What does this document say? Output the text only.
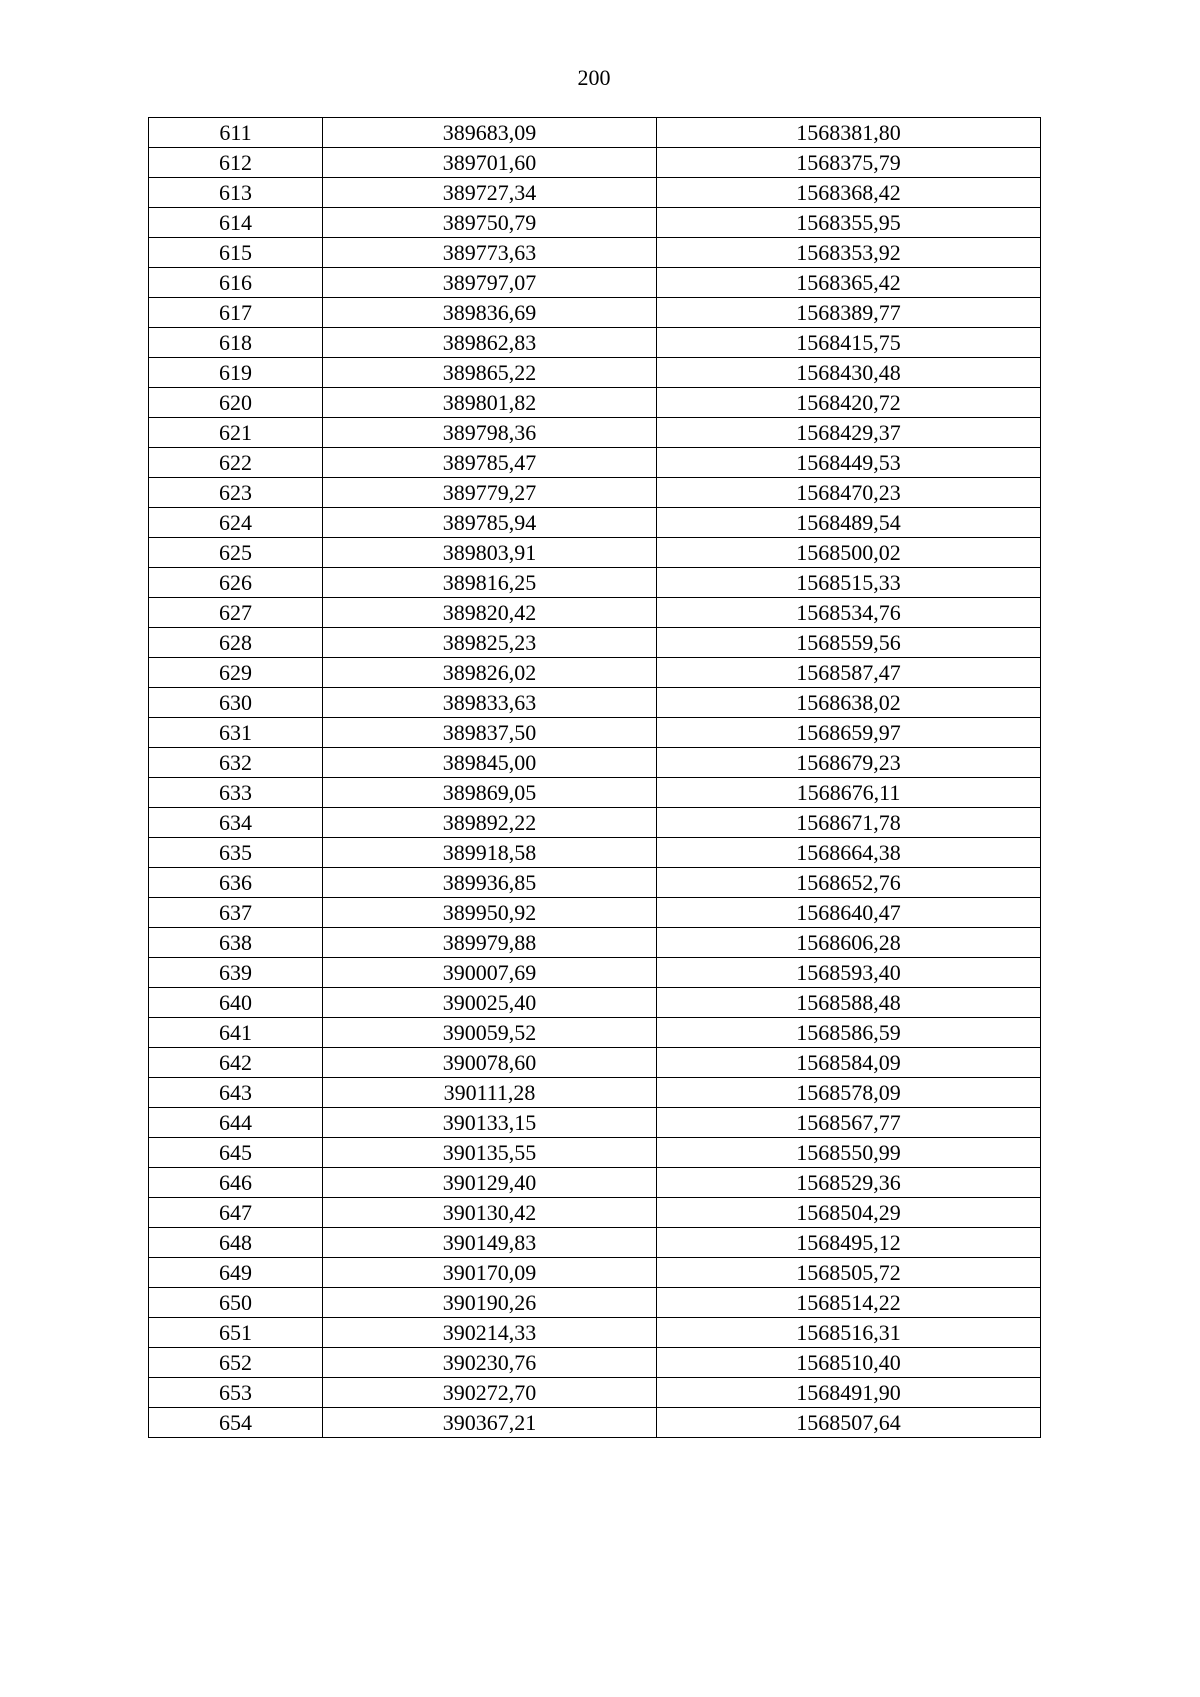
200
611	389683,09	1568381,80
612	389701,60	1568375,79
613	389727,34	1568368,42
614	389750,79	1568355,95
615	389773,63	1568353,92
616	389797,07	1568365,42
617	389836,69	1568389,77
618	389862,83	1568415,75
619	389865,22	1568430,48
620	389801,82	1568420,72
621	389798,36	1568429,37
622	389785,47	1568449,53
623	389779,27	1568470,23
624	389785,94	1568489,54
625	389803,91	1568500,02
626	389816,25	1568515,33
627	389820,42	1568534,76
628	389825,23	1568559,56
629	389826,02	1568587,47
630	389833,63	1568638,02
631	389837,50	1568659,97
632	389845,00	1568679,23
633	389869,05	1568676,11
634	389892,22	1568671,78
635	389918,58	1568664,38
636	389936,85	1568652,76
637	389950,92	1568640,47
638	389979,88	1568606,28
639	390007,69	1568593,40
640	390025,40	1568588,48
641	390059,52	1568586,59
642	390078,60	1568584,09
643	390111,28	1568578,09
644	390133,15	1568567,77
645	390135,55	1568550,99
646	390129,40	1568529,36
647	390130,42	1568504,29
648	390149,83	1568495,12
649	390170,09	1568505,72
650	390190,26	1568514,22
651	390214,33	1568516,31
652	390230,76	1568510,40
653	390272,70	1568491,90
654	390367,21	1568507,64
